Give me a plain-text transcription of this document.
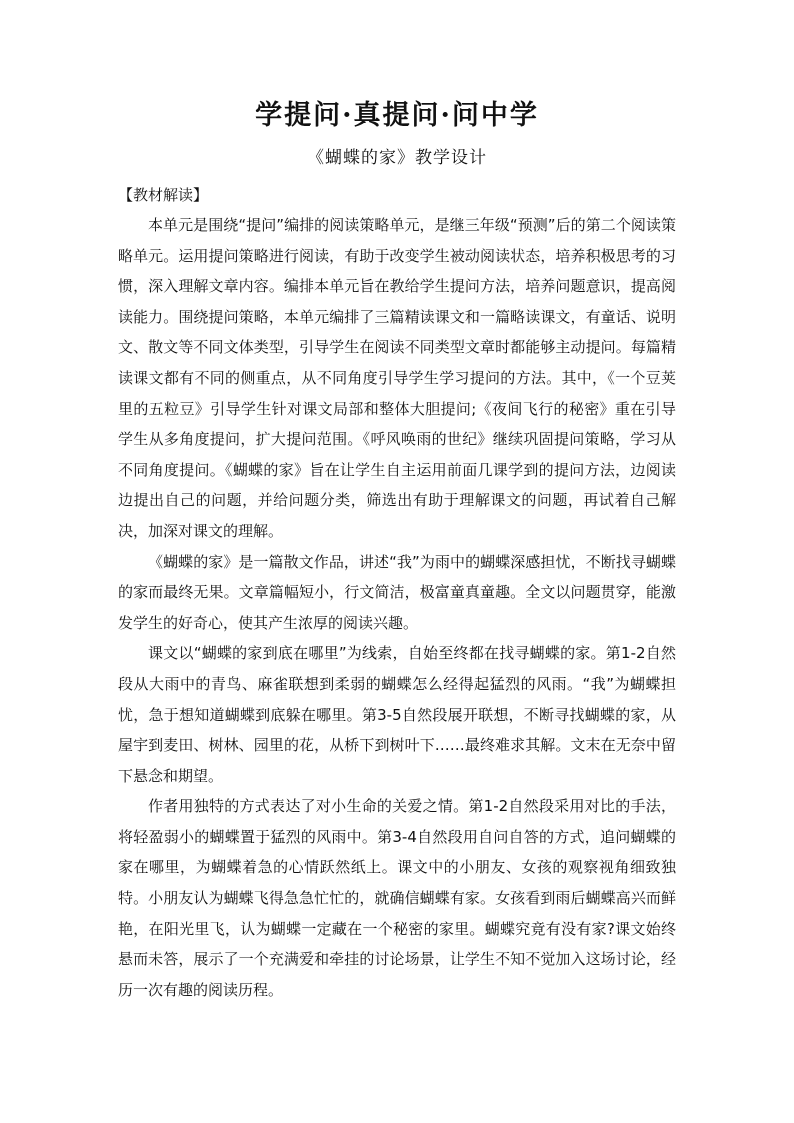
学提问·真提问·问中学
《蝴蝶的家》教学设计
【教材解读】

本单元是围绕“提问”编排的阅读策略单元，是继三年级“预测”后的第二个阅读策略单元。运用提问策略进行阅读，有助于改变学生被动阅读状态，培养积极思考的习惯，深入理解文章内容。编排本单元旨在教给学生提问方法，培养问题意识，提高阅读能力。围绕提问策略，本单元编排了三篇精读课文和一篇略读课文，有童话、说明文、散文等不同文体类型，引导学生在阅读不同类型文章时都能够主动提问。每篇精读课文都有不同的侧重点，从不同角度引导学生学习提问的方法。其中，《一个豆荚里的五粒豆》引导学生针对课文局部和整体大胆提问;《夜间飞行的秘密》重在引导学生从多角度提问，扩大提问范围。《呼风唤雨的世纪》继续巩固提问策略，学习从不同角度提问。《蝴蝶的家》旨在让学生自主运用前面几课学到的提问方法，边阅读边提出自己的问题，并给问题分类，筛选出有助于理解课文的问题，再试着自己解决，加深对课文的理解。

《蝴蝶的家》是一篇散文作品，讲述“我”为雨中的蝴蝶深感担忧，不断找寻蝴蝶的家而最终无果。文章篇幅短小，行文简洁，极富童真童趣。全文以问题贯穿，能激发学生的好奇心，使其产生浓厚的阅读兴趣。

课文以“蝴蝶的家到底在哪里”为线索，自始至终都在找寻蝴蝶的家。第1-2自然段从大雨中的青鸟、麻雀联想到柔弱的蝴蝶怎么经得起猛烈的风雨。“我”为蝴蝶担忧，急于想知道蝴蝶到底躲在哪里。第3-5自然段展开联想，不断寻找蝴蝶的家，从屋宇到麦田、树林、园里的花，从桥下到树叶下……最终难求其解。文末在无奈中留下悬念和期望。

作者用独特的方式表达了对小生命的关爱之情。第1-2自然段采用对比的手法，将轻盈弱小的蝴蝶置于猛烈的风雨中。第3-4自然段用自问自答的方式，追问蝴蝶的家在哪里，为蝴蝶着急的心情跃然纸上。课文中的小朋友、女孩的观察视角细致独特。小朋友认为蝴蝶飞得急急忙忙的，就确信蝴蝶有家。女孩看到雨后蝴蝶高兴而鲜艳，在阳光里飞，认为蝴蝶一定藏在一个秘密的家里。蝴蝶究竟有没有家?课文始终悬而未答，展示了一个充满爱和牵挂的讨论场景，让学生不知不觉加入这场讨论，经历一次有趣的阅读历程。
